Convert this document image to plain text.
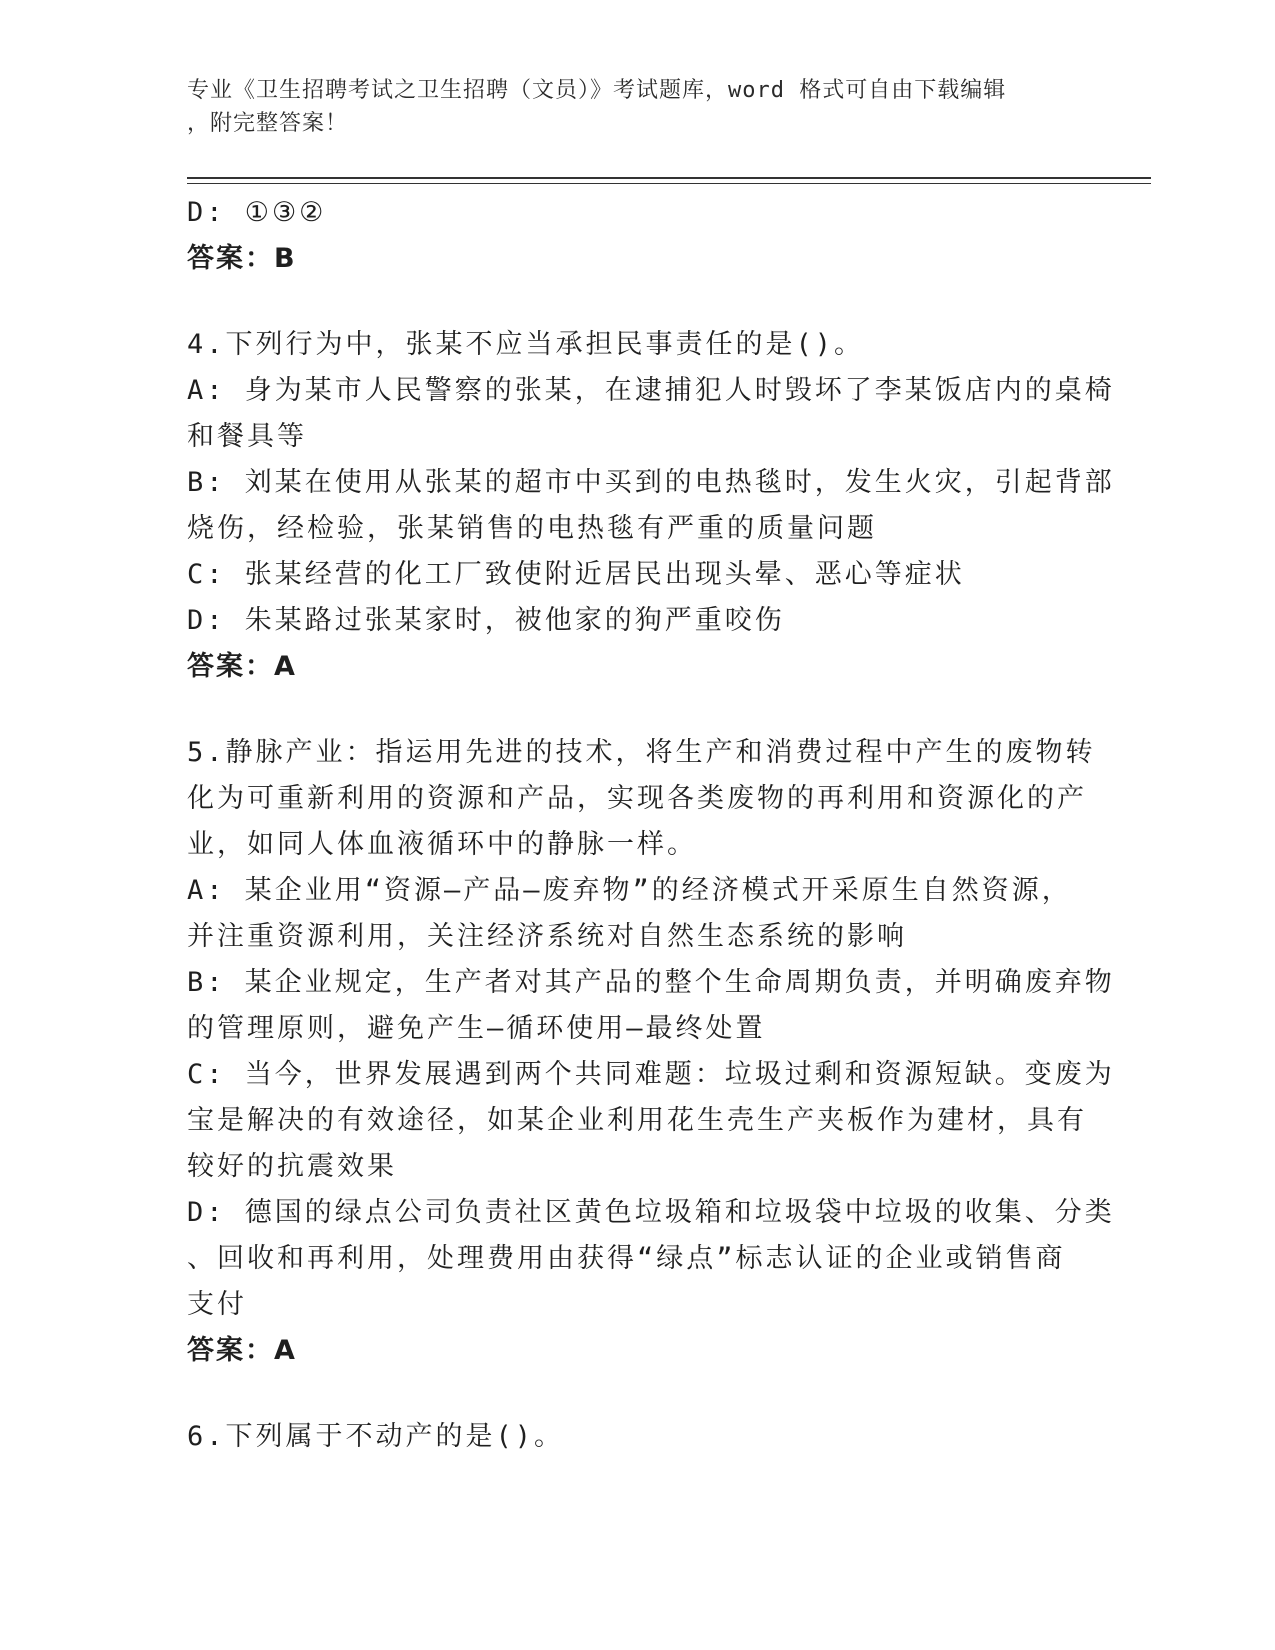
专业《卫生招聘考试之卫生招聘（文员）》考试题库，word 格式可自由下载编辑
，附完整答案！
D: ①③②
答案：B
4.下列行为中，张某不应当承担民事责任的是()。
A: 身为某市人民警察的张某，在逮捕犯人时毁坏了李某饭店内的桌椅
和餐具等
B: 刘某在使用从张某的超市中买到的电热毯时，发生火灾，引起背部
烧伤，经检验，张某销售的电热毯有严重的质量问题
C: 张某经营的化工厂致使附近居民出现头晕、恶心等症状
D: 朱某路过张某家时，被他家的狗严重咬伤
答案：A
5.静脉产业：指运用先进的技术，将生产和消费过程中产生的废物转
化为可重新利用的资源和产品，实现各类废物的再利用和资源化的产
业，如同人体血液循环中的静脉一样。
A: 某企业用“资源—产品—废弃物”的经济模式开采原生自然资源，
并注重资源利用，关注经济系统对自然生态系统的影响
B: 某企业规定，生产者对其产品的整个生命周期负责，并明确废弃物
的管理原则，避免产生—循环使用—最终处置
C: 当今，世界发展遇到两个共同难题：垃圾过剩和资源短缺。变废为
宝是解决的有效途径，如某企业利用花生壳生产夹板作为建材，具有
较好的抗震效果
D: 德国的绿点公司负责社区黄色垃圾箱和垃圾袋中垃圾的收集、分类
、回收和再利用，处理费用由获得“绿点”标志认证的企业或销售商
支付
答案：A
6.下列属于不动产的是()。
